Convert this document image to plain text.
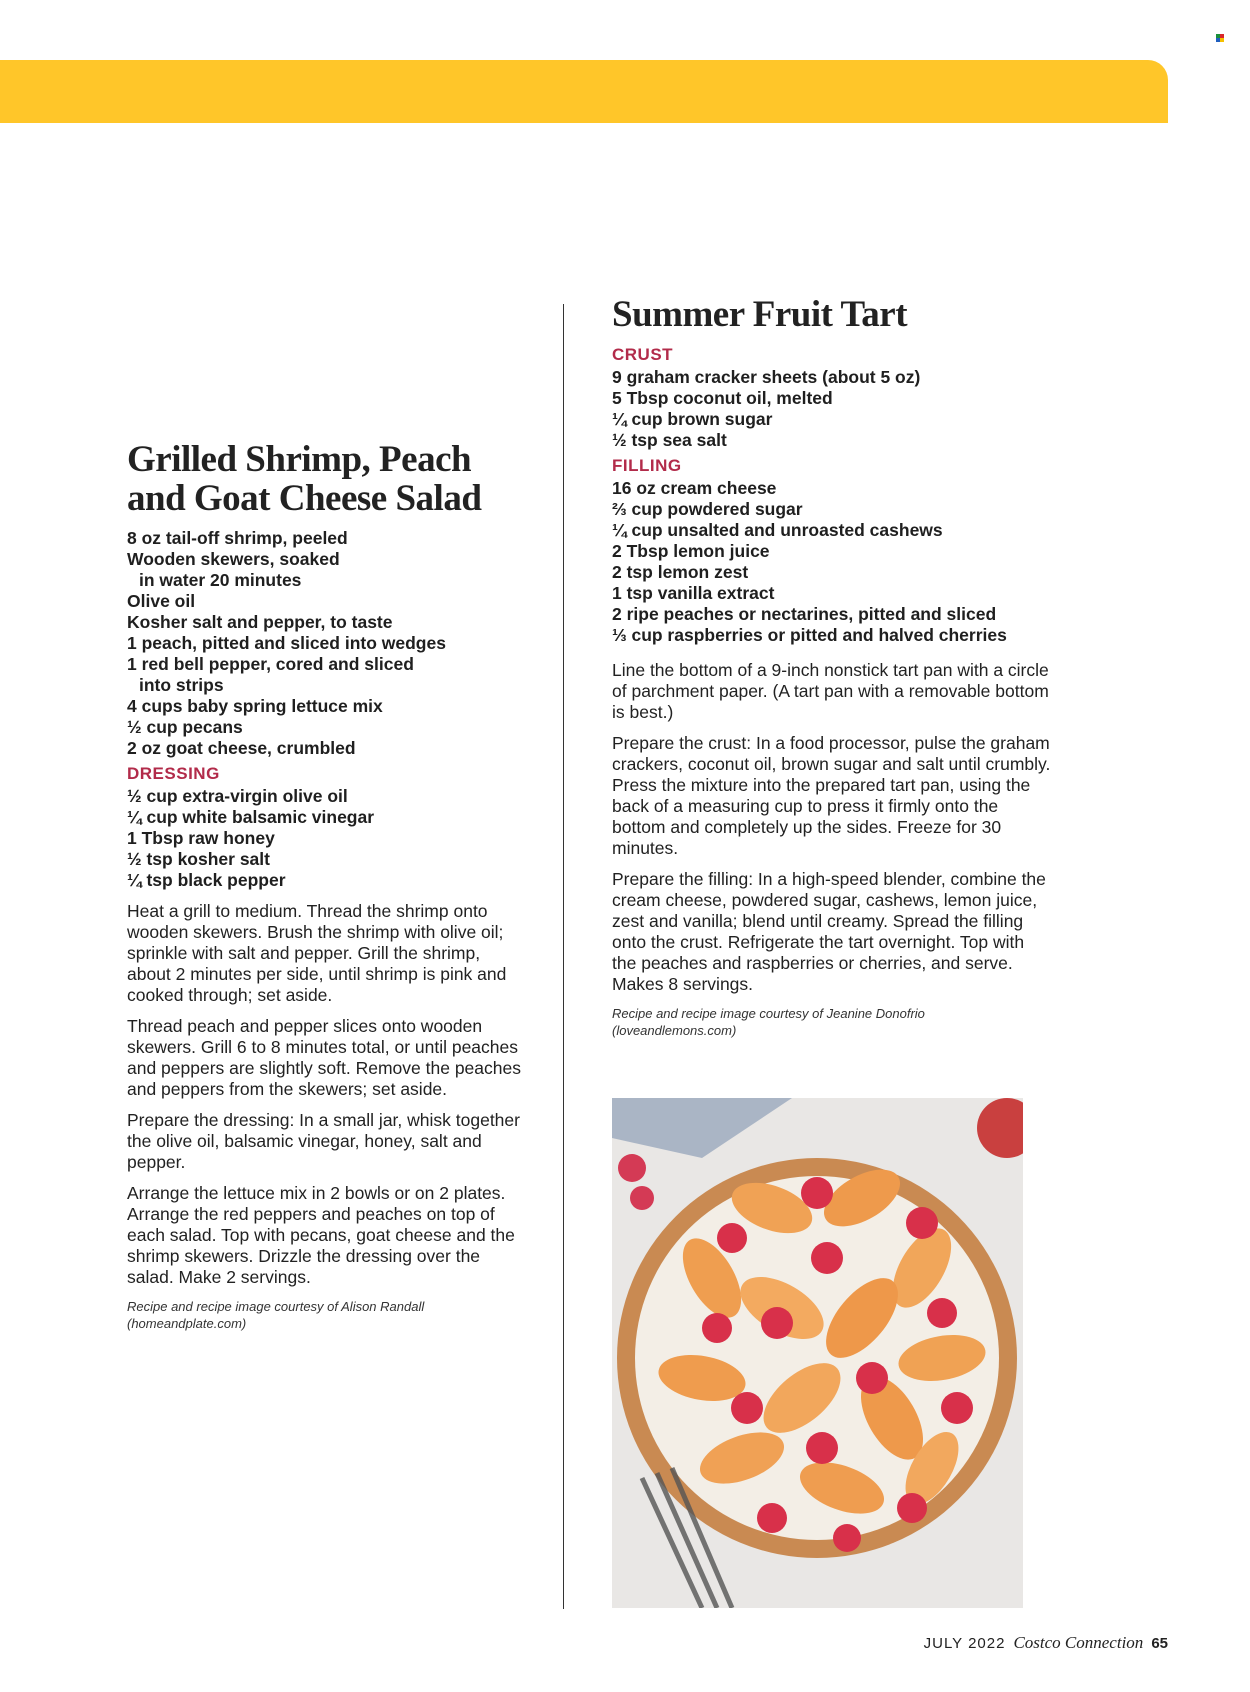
Grilled Shrimp, Peach and Goat Cheese Salad
8 oz tail-off shrimp, peeled
Wooden skewers, soaked
in water 20 minutes
Olive oil
Kosher salt and pepper, to taste
1 peach, pitted and sliced into wedges
1 red bell pepper, cored and sliced
into strips
4 cups baby spring lettuce mix
½ cup pecans
2 oz goat cheese, crumbled
DRESSING
½ cup extra-virgin olive oil
¼ cup white balsamic vinegar
1 Tbsp raw honey
½ tsp kosher salt
¼ tsp black pepper

Heat a grill to medium. Thread the shrimp onto wooden skewers. Brush the shrimp with olive oil; sprinkle with salt and pepper. Grill the shrimp, about 2 minutes per side, until shrimp is pink and cooked through; set aside.

Thread peach and pepper slices onto wooden skewers. Grill 6 to 8 minutes total, or until peaches and peppers are slightly soft. Remove the peaches and peppers from the skewers; set aside.

Prepare the dressing: In a small jar, whisk together the olive oil, balsamic vinegar, honey, salt and pepper.

Arrange the lettuce mix in 2 bowls or on 2 plates. Arrange the red peppers and peaches on top of each salad. Top with pecans, goat cheese and the shrimp skewers. Drizzle the dressing over the salad. Make 2 servings.

Recipe and recipe image courtesy of Alison Randall (homeandplate.com)

Summer Fruit Tart
CRUST
9 graham cracker sheets (about 5 oz)
5 Tbsp coconut oil, melted
¼ cup brown sugar
½ tsp sea salt
FILLING
16 oz cream cheese
⅔ cup powdered sugar
¼ cup unsalted and unroasted cashews
2 Tbsp lemon juice
2 tsp lemon zest
1 tsp vanilla extract
2 ripe peaches or nectarines, pitted and sliced
⅓ cup raspberries or pitted and halved cherries

Line the bottom of a 9-inch nonstick tart pan with a circle of parchment paper. (A tart pan with a removable bottom is best.)

Prepare the crust: In a food processor, pulse the graham crackers, coconut oil, brown sugar and salt until crumbly. Press the mixture into the prepared tart pan, using the back of a measuring cup to press it firmly onto the bottom and completely up the sides. Freeze for 30 minutes.

Prepare the filling: In a high-speed blender, combine the cream cheese, powdered sugar, cashews, lemon juice, zest and vanilla; blend until creamy. Spread the filling onto the crust. Refrigerate the tart overnight. Top with the peaches and raspberries or cherries, and serve. Makes 8 servings.

Recipe and recipe image courtesy of Jeanine Donofrio (loveandlemons.com)

JULY 2022 Costco Connection 65
